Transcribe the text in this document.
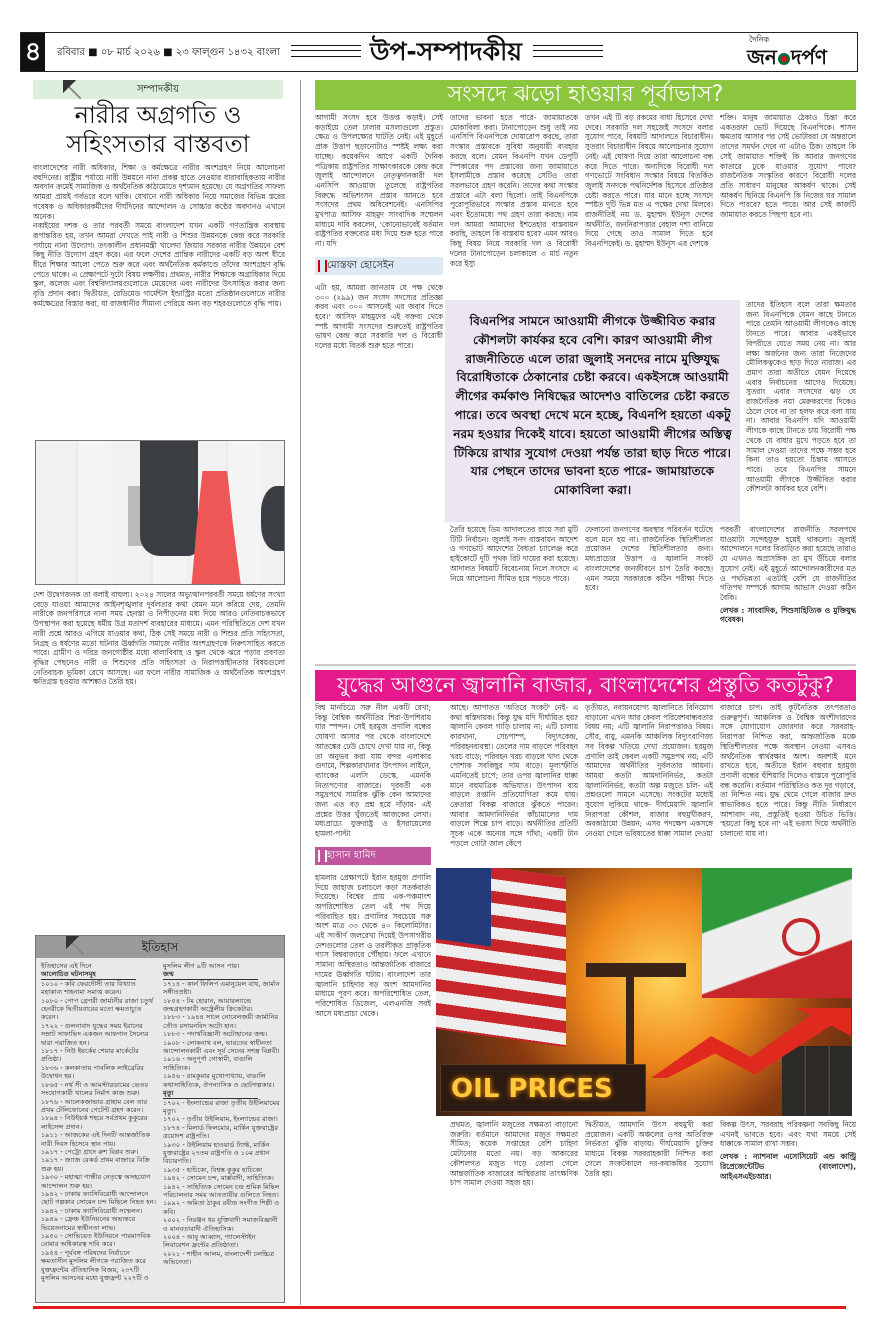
৪	রবিবার ■ ০৮ মার্চ ২০২৬ ■ ২৩ ফাল্গুন ১৪৩২ বাংলা	উপ-সম্পাদকীয়	দৈনিক
জন দর্পণ
সম্পাদকীয়
নারীর অগ্রগতি ও
সহিংসতার বাস্তবতা

বাংলাদেশের নারী অধিকার, শিক্ষা ও কর্মক্ষেত্রে নারীর অংশগ্রহণ নিয়ে আলোচনা বহুদিনের। রাষ্ট্রীয় পর্যায়ে নারী উন্নয়নে নানা প্রকল্প হাতে নেওয়ার ধারাবাহিকতায় নারীর অবদান ক্রমেই সামাজিক ও অর্থনৈতিক কাঠামোতে দৃশ্যমান হয়েছে। যে অগ্রগতির সাফল্য আমরা প্রায়ই গর্বভরে বলে থাকি। যেখানে নারী অধিকার নিয়ে সমাজের বিভিন্ন স্তরের গবেষক ও অধিকারকর্মীদের দীর্ঘদিনের আন্দোলন ও সোচ্চার কণ্ঠের অবদানও এখানে অনেক।

নব্বইয়ের দশক ও তার পরবর্তী সময়ে বাংলাদেশ যখন একটি গণতান্ত্রিক ব্যবস্থায় রূপান্তরিত হয়, তখন আমরা দেখতে পাই নারী ও শিশুর উন্নয়নকে কেন্দ্র করে সরকারি পর্যায়ে নানা উদ্যোগ। তৎকালীন প্রধানমন্ত্রী খালেদা জিয়ার সরকার নারীর উন্নয়নে বেশ কিছু নীতি উদ্যোগ গ্রহণ করে। এর ফলে দেশের প্রান্তিক নারীদের একটি বড় অংশ ধীরে ধীরে শিক্ষার আলো পেতে শুরু করে এবং অর্থনৈতিক কর্মকাণ্ডে তাঁদের অংশগ্রহণ বৃদ্ধি পেতে থাকে। এ প্রেক্ষাপটে দুটো বিষয় লক্ষণীয়। প্রথমত, নারীর শিক্ষাকে অগ্রাধিকার দিয়ে স্কুল, কলেজ এবং বিশ্ববিদ্যালয়গুলোতে মেয়েদের এবং নারীদের উৎসাহিত করার জন্য বৃত্তি প্রদান করা। দ্বিতীয়ত, রেডিমেড গার্মেন্টস ইন্ডাস্ট্রির মতো প্রতিষ্ঠানগুলোতে নারীর কর্মক্ষেত্রের বিস্তার করা, যা রাজধানীর সীমানা পেরিয়ে অন্য বড় শহরগুলোতে বৃদ্ধি পায়।

দেশ উদ্বেগজনক তা বলাই বাহুল্য। ২০২৪ সালের অভ্যুত্থানপরবর্তী সময়ে ধর্ষণের সংখ্যা বেড়ে যাওয়া আমাদের আইনশৃঙ্খলার দুর্বলতার কথা যেমন মনে করিয়ে দেয়, তেমনি নারীকে জনপরিসরে নানা সময় হেনস্তা ও নিপীড়নের মধ্য দিয়ে আরও নেতিবাচকভাবে উপস্থাপন করা হয়েছে ধর্মীয় উগ্র মতাদর্শ ব্যবহারের মাধ্যমে। এমন পরিস্থিতিতে দেশ যখন নারী প্রশ্নে আরও এগিয়ে যাওয়ার কথা, ঠিক সেই সময়ে নারী ও শিশুর প্রতি সহিংসতা, নিগ্রহ ও ধর্ষণের মতো ঘটনার ঊর্ধ্বগতি সমাজে নারীর অংশগ্রহণকে নিরুৎসাহিত করতে পারে। গ্রামীণ ও দরিদ্র জনগোষ্ঠীর মধ্যে বাল্যবিবাহ ও স্কুল থেকে ঝরে পড়ার প্রবণতা বৃদ্ধির পেছনেও নারী ও শিশুদের প্রতি সহিংসতা ও নিরাপত্তাহীনতার বিষয়গুলো নেতিবাচক ভূমিকা রেখে আসছে। এর ফলে নারীর সামাজিক ও অর্থনৈতিক অংশগ্রহণ ক্ষতিগ্রস্ত হওয়ার আশঙ্কাও তৈরি হয়।

ইতিহাস
ইতিহাসের এই দিনে
আলোচিত ঘটনাসমূহ
১০১০ - কবি ফেরদৌসী তার বিখ্যাত মহাকাব্য শাহনামা সমাপ্ত করেন।
১০৮০ - পোপ গ্রেগরী জার্মানীর রাজা চতুর্থ হেনরীকে দ্বিতীয়বারের মতো ক্ষমতাচ্যুত করেন।
১৭২২ - গুলনাবাদ যুদ্ধের সময় ইরানের সম্রাট সাফাভিদ একজন আফগান সৈন্যের দ্বারা পরাজিত হন।
১৮১৭ - নিউ ইয়র্কের শেয়ার মার্কেটের প্রতিষ্ঠা।
১৮৩৬ - কলকাতায় পাবলিক লাইব্রেরির উদ্বোধন হয়।
১৮৬৫ - নর্থ সী ও আমস্টারডামের ভেতর সংযোগকারী খালের নির্মাণ কাজ শুরু।
১৮৭৬ - আলেকজান্ডার গ্রাহাম বেল তার প্রথম টেলিফোনের পেটেন্ট গ্রহণ করেন।
১৮৯৪ - নিউইয়র্ক শহরে সর্বপ্রথম কুকুরের লাইসেন্স প্রদান।
১৯১১ - আজকের এই দিনটি আন্তর্জাতিক নারী দিবস হিসেবে স্থান পায়।
১৯১৭ - পেট্রো গ্রাদে রুশ বিপ্লব শুরু।
১৯১৭ - জ্যাজ রেকর্ড প্রথম বাজারে বিক্রি শুরু হয়।
১৯৩০ - মহাত্মা গান্ধীর নেতৃত্বে অসহযোগ আন্দোলন শুরু হয়।
১৯৪২ - ঢাকায় ফ্যাসিবিরোধী আন্দোলনে ছোট গল্পকার সোমেন চন্দ মিছিলে নিহত হন।
১৯৪২ - ঢাকায় ফ্যাসিবিরোধী সম্মেলন।
১৯৪৯ - ফ্রেঞ্চ ইউনিয়নের অভ্যন্তরে ভিয়েতনামের স্বাধীনতা লাভ।
১৯৫০ - সোভিয়েত ইউনিয়নে পারমাণবিক বোমার অধিকারত্ব দাবি করে।
১৯৫৪ - পূর্ববঙ্গ পরিষদের নির্বাচনে ক্ষমতাসীন মুসলিম লীগকে পরাজিত করে যুক্তফ্রন্টের ঐতিহাসিক বিজয়, ২৩৭টি মুসলিম আসনের মধ্যে যুক্তফ্রন্ট ২২৭টি ও
মুসলিম লীগ ৯টি আসন পায়।
জন্ম
১৭১৪ - কার্ল ফিলিপ এমানুয়েল বাখ, জার্মান সঙ্গীতস্রষ্টা।
১৮৫৪ - টম হোরান, আয়ারল্যান্ডে জন্মগ্রহণকারী অস্ট্রেলীয় ক্রিকেটার।
১৮৮৩ - ১৯৪৪ সালে নোবেলজয়ী জার্মানির তৌত রসায়নবিদ অটো হান।
১৮৮৩ - পদার্থবিজ্ঞানী অটোহানের জন্ম।
১৯০৮ - লোকনাথ বল, ভারতের স্বাধীনতা আন্দোলনকারী এবং সূর্য সেনের সশস্ত্র বিপ্লবী।
১৯১৬ - অনুপূর্ণা গোস্বামী, বাঙালি সাহিত্যিক।
১৯৫৬ - রামকুমার মুখোপাধ্যায়, বাঙালি কথাসাহিত্যিক, ঔপন্যাসিক ও ছোটগল্পকার।
মৃত্যু
১৭০২ - ইংল্যান্ডের রাজা তৃতীয় উইলিয়ামের মৃত্যু।
১৭০২ - তৃতীয় উইলিয়াম, ইংল্যান্ডের রাজা।
১৮৭৪ - মিলার্ড ফিলমোর, মার্কিন যুক্তরাষ্ট্রের ত্রয়োদশ রাষ্ট্রপতি।
১৯৩০ - উইলিয়াম হাওয়ার্ড ট্যাফ্ট, মার্কিন যুক্তরাষ্ট্রের ২৭তম রাষ্ট্রপতি ও ১০ম প্রধান বিচারপতি।
১৯৩৫ - হাচিকো, বিশ্বস্ত কুকুর হাচিকো
১৯৪২ - সোমেন চন্দ, মার্ক্সবাদী, সাহিত্যিক।
১৯৪২ - সাহিত্যিক সোমেন চন্দ্র শ্রমিক মিছিল পরিচালনার সময় আততায়ীর গুলিতে নিহত।
১৯৯২ - অমিতা ঠাকুর রবীন্দ্র সংগীত শিল্পী ও কবি।
২০০২ - নিরঞ্জন ধর যুক্তিবাদী সমাজবিজ্ঞানী ও মানবতাবাদী ঐতিহাসিক।
২০০৪ - আবু আব্বাস, প্যালেস্টাইন লিবারেশন ফ্রন্টের প্রতিষ্ঠাতা।
২০২১ - শাহীন আলম, বাংলাদেশী চলচ্চিত্র অভিনেতা।
সংসদে ঝড়ো হাওয়ার পূর্বাভাস?

আগামী সংসদ হবে উত্তপ্ত কড়াই। সেই কড়াইয়ে তেল ঢালার মসলাগুলো প্রস্তুত। ক্ষেত্র ও উপলক্ষ্যের ঘাটতি নেই। এই মুহূর্তে প্রাক উত্তাপ ছড়ানোটাও স্পষ্টই লক্ষ্য করা যাচ্ছে। কয়েকদিন আগে একটি দৈনিক পত্রিকায় রাষ্ট্রপতির সাক্ষাৎকারকে কেন্দ্র করে জুলাই আন্দোলনে নেতৃত্বদানকারী দল এনসিপি আওয়াজ তুলেছে রাষ্ট্রপতির বিরুদ্ধে অভিশংসন প্রস্তাব আনতে হবে সংসদের প্রথম অধিবেশনেই। এনসিপির মুখপাত্র আসিফ মাহমুদ সাংবাদিক সম্মেলন মাধ্যমে দাবি করলেন, 'কোনোভাবেই বর্তমান রাষ্ট্রপতির বক্তব্যের মধ্য দিয়ে শুরু হতে পারে না। যদি

মোস্তফা হোসেইন

এটা হয়, আমরা জানতাম যে পক্ষ থেকে ৩০০ (২৯৯) জন সংসদ সদস্যের প্রতিজ্ঞা করব এবং ৩০০ আসনেই এর জবাব দিতে হবে।' আসিফ মাহমুদের এই বক্তব্য থেকে স্পষ্ট আগামী সংসদের শুরুতেই রাষ্ট্রপতির ভাষণ কেন্দ্র করে সরকারি দল ও বিরোধী দলের মধ্যে বিতর্ক শুরু হতে পারে।

তাদের ভাবনা হতে পারে- জামায়াতকে মোকাবিলা করা। টানাপোড়েন শুধু তাই নয় এনসিপি বিএনপিকে দোষারোপ করছে, তারা সংস্কার প্রস্তাবকে সুবিধা অনুযায়ী ব্যবহার করছে বলে। যেমন বিএনপি যখন ডেপুটি স্পিকারের পদ প্রস্তাবের জন্য জামায়াতে ইসলামীকে প্রস্তাব করেছে সেটিও তারা সরলভাবে গ্রহণ করেনি। তাদের কথা সংস্কার প্রস্তাবে এটা বলা ছিলো। তাই বিএনপিকে পুরোপুরিভাবে সংস্কার প্রস্তাব মানতে হবে এবং ইতোমধ্যে পথ গ্রহণ তারা করছে। নাম দল আমরা আমাদের ইশতেহার বাস্তবায়ন করছি, তাহলে কি বাস্তবায় হবে? এমন আরও কিছু বিষয় নিয়ে সরকারি দল ও বিরোধী দলের টানাপোড়েন চলাকালে ৩ মার্চ নতুন করে ইস্যু

তখন এই টি বড় রকমের বাধা হিসেবে দেখা দেবে। সরকারি দল সহজেই সংসদে বলার সুযোগ পাবে, বিষয়টি আদালতে বিচারাধীন। সুতরাং বিচারাধীন বিষয়ে আলোচনার সুযোগ নেই। এই ঘোষণা দিয়ে তারা আলোচনা বন্ধ করে দিতে পারে। অন্যদিকে বিরোধী দল গণভোটে সংবিধান সংস্কার বিষয়ে বিতর্কিত জুলাই সনদকে পথনির্দেশক হিসেবে প্রতিষ্ঠার চেষ্টা করতে পারে। যার মানে হচ্ছে সংসদে স্পষ্টত দুটি ভিন্ন মত এ পক্ষের দেখা মিলবে। রাজনীতিই নয় ড. মুহাম্মদ ইউনূস দেশের অর্থনীতি, জননিরাপত্তার বেহাল দশা বানিয়ে দিয়ে গেছে তাও সামাল দিতে হবে বিএনপিকেই। ড. মুহাম্মদ ইউনূস এর দেশকে

শক্তি। মানুষ জামায়াত ঠেকাও চিন্তা করে একতরফা ভোট দিয়েছে বিএনপিকে। শাসন ক্ষমতায় আসার পর সেই ভোটাররা যে অন্তরালে তাদের সমর্থন দেবে না এটাও ঠিক। তাহলে কি সেই জামায়াত শক্তিই কি আবার জনগণের কাতারে ঢুকে যাওয়ার সুযোগ পাবে? রাজনৈতিক সংস্কৃতির কারণে বিরোধী দলের প্রতি সাধারণ মানুষের আকর্ষণ থাকে। সেই আকর্ষণ ছিনিয়ে বিএনপি কি নিজের ঘর সামাল দিতে পারবে? হতে পারে। আর সেই কাজটি জামায়াত করতে পিছপা হবে না।

বিএনপির সামনে আওয়ামী লীগকে উজ্জীবিত করার কৌশলটা কার্যকর হবে বেশি। কারণ আওয়ামী লীগ রাজনীতিতে এলে তারা জুলাই সনদের নামে মুক্তিযুদ্ধ বিরোধিতাকে ঠেকানোর চেষ্টা করবে। একইসঙ্গে আওয়ামী লীগের কর্মকাণ্ড নিষিদ্ধের আদেশও বাতিলের চেষ্টা করতে পারে। তবে অবস্থা দেখে মনে হচ্ছে, বিএনপি হয়তো একটু নরম হওয়ার দিকেই যাবে। হয়তো আওয়ামী লীগের অস্তিত্ব টিকিয়ে রাখার সুযোগ দেওয়া পর্যন্ত তারা ছাড় দিতে পারে। যার পেছনে তাদের ভাবনা হতে পারে- জামায়াতকে মোকাবিলা করা।

তাদের ইতিহাস বলে তারা ক্ষমতার জন্য বিএনপিকে যেমন কাছে টানতে পারে তেমনি আওয়ামী লীগকেও কাছে টানতে পারে। আবার একইভাবে বিপরীতে যেতে সময় নেয় না। আর লক্ষ্য অর্জনের জন্য তারা নিজেদের মৌলিকত্বকেও ছাড় দিতে নারাজ। এর প্রমাণ তারা অতীতে যেমন দিয়েছে এবার নির্বাচনের আগেও দিয়েছে। সুতরাং এবার সংসদের ঝড় যে রাজনৈতিক নয়া মেরুকরণের দিকেও ঠেলে দেবে না তা হলফ করে বলা যায় না। আবার বিএনপি যদি আওয়ামী লীগকে কাছে টানতে চায় বিরোধী পক্ষ থেকে যে বাধার মুখে পড়তে হবে তা সামাল দেওয়া তাদের পক্ষে সম্ভব হবে কিনা তাও হয়তো চিন্তায় আসতে পারে। তবে বিএনপির সামনে আওয়ামী লীগকে উজ্জীবিত করার কৌশলটা কার্যকর হবে বেশি।

তৈরি হয়েছে ডিম আদালতের রায়ে সরা মুটি টিটি নির্বাচন। জুলাই সনদ বাস্তবায়ন আদেশ ও গণভোট আদেশের বৈধতা চ্যালেঞ্জ করে হাইকোর্টে দুটি পৃথক রিট দায়ের করা হয়েছে। আদালত বিষয়টি বিবেচনায় নিলে সংসদে এ নিয়ে আলোচনা সীমিত হয়ে পড়তে পারে।

ফেলানো জনগণের অবস্থার পরিবর্তন ঘটেছে বলে মনে হয় না। রাজনৈতিক স্থিতিশীলতা প্রয়োজন দেশের স্থিতিশীলতার জন্য। মধ্যপ্রাচ্যের উত্তাপ ও জ্বালানি সংকট বাংলাদেশের জনজীবনে চাপ তৈরি করছে। এমন সময়ে সরকারকে কঠিন পরীক্ষা দিতে হবে।

পরবর্তী বাংলাদেশের রাজনীতি সরলপথে যাওয়াটা সন্দেহযুক্ত হয়েই থাকলো। জুলাই আন্দোলনে দলের বিতাড়িত করা হয়েছে তারাও যে এখনও অপ্রাসঙ্গিক তা মুখ উঁচিয়ে বলার সুযোগ নেই। এই মুহূর্তে আন্দোলনকারীদের মত ও পথভিন্নতা এতটাই বেশি যে রাজনীতির গতিপথ সম্পর্কে আগাম আভাস দেওয়া কঠিন বৈকি।

লেখক : সাংবাদিক, শিশুসাহিত্যিক ও মুক্তিযুদ্ধ গবেষক।

যুদ্ধের আগুনে জ্বালানি বাজার, বাংলাদেশের প্রস্তুতি কতটুকু?

বিশ্ব মানচিত্রে সরু নীল একটি রেখা; কিন্তু বৈশ্বিক অর্থনীতির শিরা-উপশিরায় যার স্পন্দন। সেই হরমুজ প্রণালি বন্ধের ঘোষণা আসার পর থেকে বাংলাদেশে আতঙ্কের ঢেউ চোখে দেখা যায় না, কিন্তু তা অনুভব করা যায় বন্দর এলাকার গুদামে, শিল্পকারখানার উৎপাদন লাইনে, ব্যাংকের এলসি ডেস্কে, এমনকি নিত্যপণ্যের বাজারে। দূরবর্তী এক সমুদ্রপথে সামরিক ঝুঁকি কেন আমাদের জন্য এত বড় প্রশ্ন হয়ে দাঁড়ায়- এই প্রশ্নের উত্তর খুঁজতেই আজকের লেখা। মধ্যপ্রাচ্যে যুক্তরাষ্ট্র ও ইসরায়েলের হামলা-পাল্টা

হাসান হামিদ

হামলার প্রেক্ষাপটে ইরান হরমুজ প্রণালি দিয়ে জাহাজ চলাচলে কড়া সতর্কবার্তা দিয়েছে। বিশ্বের প্রায় এক-পঞ্চমাংশ অপরিশোধিত তেল এই পথ দিয়ে পরিবাহিত হয়। প্রণালির সবচেয়ে সরু অংশ মাত্র ৩৩ থেকে ৪০ কিলোমিটার। এই সংকীর্ণ জলরেখা দিয়েই উপসাগরীয় দেশগুলোর তেল ও তরলীকৃত প্রাকৃতিক গ্যাস বিশ্ববাজারে পৌঁছায়। ফলে এখানে সামান্য অস্থিরতাও আন্তর্জাতিক বাজারে দামের ঊর্ধ্বগতি ঘটায়। বাংলাদেশ তার জ্বালানি চাহিদার বড় অংশ আমদানির মাধ্যমে পূরণ করে। অপরিশোধিত তেল, পরিশোধিত ডিজেল, এলএনজি সবই আসে মধ্যপ্রাচ্য থেকে।

আছে। আপাতত 'অতিরে সংকট' নেই- এ কথা স্বস্তিদায়ক। কিন্তু যুদ্ধ যদি দীর্ঘায়িত হয়? জ্বালানি কেবল গাড়ি চালায় না; এটি চালায় কারখানা, সেচপাম্প, বিদ্যুৎকেন্দ্র, পরিবহনব্যবস্থা। তেলের দাম বাড়লে পরিবহন খরচ বাড়ে; পরিবহন খরচ বাড়লে খাদ্য থেকে পোশাক সবকিছুর দাম বাড়ে। মূল্যস্ফীতি এমনিতেই চাপে; তার ওপর জ্বালানির ধাক্কা মানে বহুমাত্রিক অভিঘাত। উৎপাদন ব্যয় বাড়লে রপ্তানি প্রতিযোগিতা কমে যায়। ক্রেতারা বিকল্প বাজারে ঝুঁকতে পারেন। আবার আমদানিনির্ভর কাঁচামালের দাম বাড়লে শিল্পে চাপ বাড়ে। অর্থনীতির প্রতিটি সূচক একে অন্যের সঙ্গে গাঁথা; একটি টান পড়লে গোটা জাল কেঁপে

তৃতীয়ত, নবায়নযোগ্য জ্বালানিতে বিনিয়োগ বাড়ানো এখন আর কেবল পরিবেশবান্ধবতার বিষয় নয়; এটি জ্বালানি নিরাপত্তারও বিষয়। সৌর, বায়ু, এমনকি আঞ্চলিক বিদ্যুৎবাণিজ্য সব বিকল্প খতিয়ে দেখা প্রয়োজন। হরমুজ প্রণালি তাই কেবল একটি সমুদ্রপথ নয়; এটি আমাদের অর্থনীতির দুর্বলতার আয়না। আমরা কতটা আমদানিনির্ভর, কতটা জ্বালানিনির্ভর, কতটা অল্প মজুতে চলি- এই প্রশ্নগুলো সামনে এসেছে। সংকটের মধ্যেই সুযোগ লুকিয়ে থাকে- দীর্ঘমেয়াদি জ্বালানি নিরাপত্তা কৌশল, বাজার বহুমুখীকরণ, অবকাঠামো উন্নয়ন; এসব পদক্ষেপ একসঙ্গে নেওয়া গেলে ভবিষ্যতের ধাক্কা সামাল দেওয়া

বাজারে চাপ। তাই কূটনৈতিক তৎপরতাও গুরুত্বপূর্ণ। আঞ্চলিক ও বৈশ্বিক অংশীদারদের সঙ্গে যোগাযোগ জোরদার করে সরবরাহ-নিরাপত্তা নিশ্চিত করা, আন্তর্জাতিক মঞ্চে স্থিতিশীলতার পক্ষে অবস্থান নেওয়া এসবও অর্থনৈতিক স্বার্থরক্ষার অংশ। অবশ্যই মনে রাখতে হবে, অতীতে ইরান বহুবার হরমুজ প্রণালী বন্ধের হুঁশিয়ারি দিলেও বাস্তবে পুরোপুরি বন্ধ করেনি। বর্তমান পরিস্থিতিও কত দূর গড়াবে, তা নিশ্চিত নয়। যুদ্ধ থেমে গেলে বাজার দ্রুত স্বাভাবিকও হতে পারে। কিন্তু নীতি নির্ধারণে আশাবাদ নয়, প্রস্তুতিই হওয়া উচিত ভিত্তি। 'হয়তো কিছু হবে না' এই ভরসা দিয়ে অর্থনীতি চালানো যায় না।

OIL PRICES

প্রথমত, জ্বালানি মজুতের সক্ষমতা বাড়ানো জরুরি। বর্তমানে আমাদের মজুত সক্ষমতা সীমিত; কয়েক সপ্তাহের বেশি চাহিদা মেটানোর মতো নয়। বড় আকারের কৌশলগত মজুত গড়ে তোলা গেলে আন্তর্জাতিক বাজারের অস্থিরতায় তাৎক্ষণিক চাপ সামাল দেওয়া সহজ হয়।

দ্বিতীয়ত, আমদানি উৎস বহুমুখী করা প্রয়োজন। একটি অঞ্চলের ওপর অতিরিক্ত নির্ভরতা ঝুঁকি বাড়ায়। দীর্ঘমেয়াদি চুক্তির মাধ্যমে বিকল্প সরবরাহকারী নিশ্চিত করা গেলে সংকটকালে দর-কষাকষির সুযোগ তৈরি হয়।

বিকল্প উৎস, সরবরাহ পরিকল্পনা সবকিছু নিয়ে এখনই ভাবতে হবে। এবং যথা সময়ে সেই ধাক্কাকে সামাল রাখা সম্ভব।

লেখক : ন্যাশনাল এসোসিয়েট এন্ড কান্ট্রি রিপ্রেজেন্টেটিভ (বাংলাদেশ), আইএসএইচআর।
